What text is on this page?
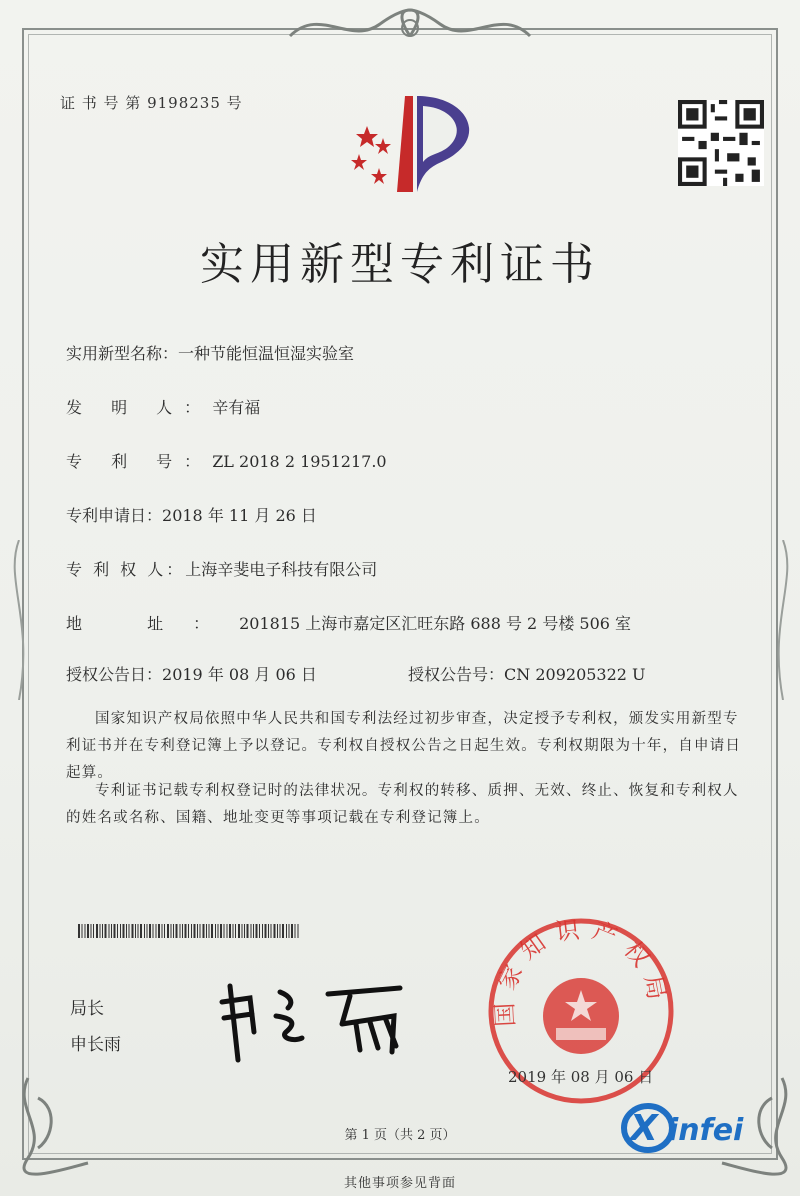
证 书 号 第 9198235 号
实用新型专利证书
实用新型名称：一种节能恒温恒湿实验室
发 明 人：辛有福
专 利 号：ZL 2018 2 1951217.0
专利申请日：2018 年 11 月 26 日
专 利 权 人：上海辛斐电子科技有限公司
地 址：201815 上海市嘉定区汇旺东路 688 号 2 号楼 506 室
授权公告日：2019 年 08 月 06 日	授权公告号：CN 209205322 U
国家知识产权局依照中华人民共和国专利法经过初步审查，决定授予专利权，颁发实用新型专利证书并在专利登记簿上予以登记。专利权自授权公告之日起生效。专利权期限为十年，自申请日起算。
专利证书记载专利权登记时的法律状况。专利权的转移、质押、无效、终止、恢复和专利权人的姓名或名称、国籍、地址变更等事项记载在专利登记簿上。
局长
申长雨
国家知识产权局
2019 年 08 月 06 日
第 1 页（共 2 页）	X infei
其他事项参见背面
